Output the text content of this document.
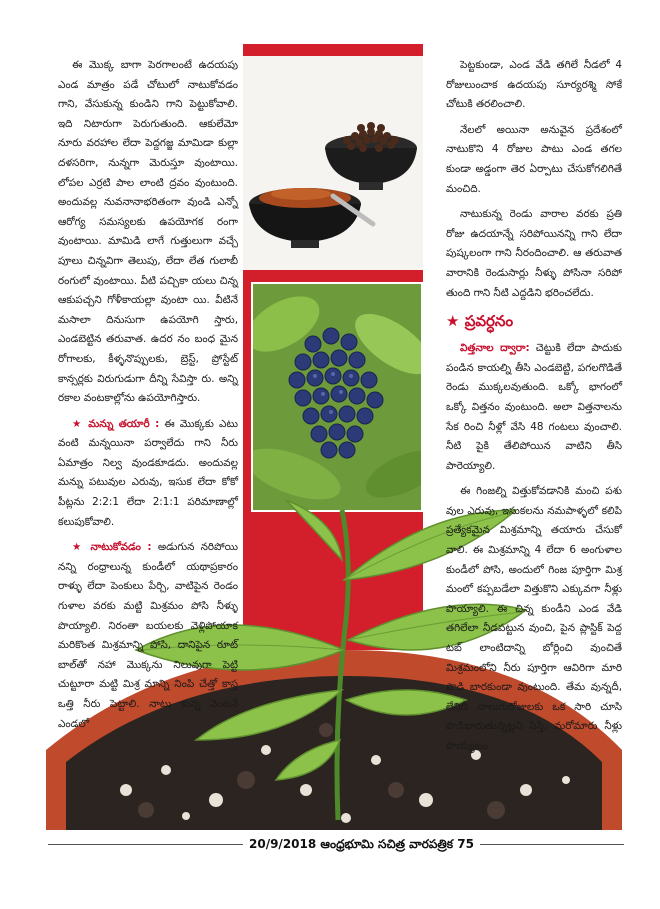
ఈ మొక్క బాగా పెరగాలంటే ఉదయపు ఎండ మాత్రం పడే చోటులో నాటుకోవడం గాని, వేసుకున్న కుండిని గాని పెట్టుకోవాలి. ఇది నిటారుగా పెరుగుతుంది. ఆకులేమో నూరు వరహాల లేదా పెద్దగజ్జ మామిడా కుల్లా దళసరిగా, నున్నగా మెరుస్తూ వుంటాయి. లోపల ఎర్రటి పాల లాంటి ద్రవం వుంటుంది. అందువల్ల నువనానాభరితంగా వుండి ఎన్నో ఆరోగ్య సమస్యలకు ఉపయోగక రంగా వుంటాయి. మామిడి లాగే గుత్తులుగా వచ్చే పూలు చిన్నవిగా తెలుపు, లేదా లేత గులాబీ రంగులో వుంటాయి. వీటి పచ్చికా యలు చిన్న ఆకుపచ్చని గోళీకాయల్లా వుంటా యి. వీటినే మసాలా దినుసుగా ఉపయోగి స్తారు, ఎండబెట్టిన తరువాత. ఉదర నం బంధ మైన రోగాలకు, కీళ్ళనొప్పులకు, బ్రెస్ట్, ప్రోస్టేట్ కాన్సర్లకు విరుగుడుగా దీన్ని సేవిస్తా రు. అన్ని రకాల వంటకాల్లోను ఉపయోగిస్తారు.

★ మన్ను తయారీ : ఈ మొక్కకు ఎటు వంటి మన్నయినా పర్వాలేదు గాని నీరు ఏమాత్రం నిల్వ వుండకూడదు. అందువల్ల మన్ను పటువుల ఎరువు, ఇసుక లేదా కోకో పీట్లను 2:2:1 లేదా 2:1:1 పరిమాణాల్లో కలుపుకోవాలి.

★ నాటుకోవడం : అడుగున నరిపోయి నన్ని రంధ్రాలున్న కుండీలో యథాప్రకారం రాళ్ళు లేదా పెంకులు పేర్చి, వాటిపైన రెండం గుళాల వరకు మట్టి మిశ్రమం పోసి నీళ్ళు పొయ్యాలి. నిరంతా బయలకు వెళ్లిపోయాక మరికొంత మిశ్రమాన్ని పోసి, దానిపైన రూట్ బాల్‌తో నహా మొక్కను నిలువుగా పెట్టి చుట్టూరా మట్టి మిశ్ర మాన్ని నింపి చేత్తో కాస్త ఒత్తి నీరు పెట్టాలి. నాటు కున్న వెంటనే ఎండలో

పెట్టకుండా, ఎండ వేడి తగిలే నీడలో 4 రోజులుంచాక ఉదయపు సూర్యరశ్మి సోకే చోటుకి తరలించాలి.

నేలలో అయినా అనువైన ప్రదేశంలో నాటుకొని 4 రోజుల పాటు ఎండ తగల కుండా అడ్డంగా తెర ఏర్పాటు చేసుకోగలిగితే మంచిది.

నాటుకున్న రెండు వారాల వరకు ప్రతి రోజు ఉదయాన్నే సరిపోయినన్ని గాని లేదా పుష్కలంగా గాని నీరందించాలి. ఆ తరువాత వారానికి రెండుసార్లు నీళ్ళు పోసినా సరిపో తుంది గాని నీటి ఎద్దడిని భరించలేదు.

★ ప్రవర్ధనం

విత్తనాల ద్వారా: చెట్టుకి లేదా పాదుకు పండిన కాయల్ని తీసి ఎండబెట్టి, పగలగొడితే రెండు ముక్కలవుతుంది. ఒక్కో భాగంలో ఒక్కో విత్తనం వుంటుంది. అలా విత్తనాలను సేక రించి నీళ్లో వేసి 48 గంటలు వుంచాలి. నీటి పైకి తేలిపోయిన వాటిని తీసి పారెయ్యాలి.

ఈ గింజల్ని విత్తుకోవడానికి మంచి పశు వుల ఎరువు, ఇసుకలను నమపాళ్ళలో కలిపి ప్రత్యేకమైన మిశ్రమాన్ని తయారు చేసుకో వాలి. ఈ మిశ్రమాన్ని 4 లేదా 6 అంగుళాల కుండీలో పోసి, అందులో గింజ పూర్తిగా మిశ్ర మంలో కప్పబడేలా విత్తుకొని ఎక్కువగా నీళ్లు పొయ్యాలి. ఈ చిన్న కుండీని ఎండ వేడి తగిలేలా నీడపట్టున వుంచి, పైన ప్లాస్టిక్ పెద్ద టబ్ లాంటిదాన్ని బోర్లించి వుంచితే మిశ్రమంలోని నీరు పూర్తిగా ఆవిరిగా మారి పొడి బారకుండా వుంటుంది. తేమ వున్నదీ, లేనిదీ నాలుగురోజులకు ఒక సారి చూసి పొడిబారుతున్నట్లని పిస్తే, మరోమారు నీళ్లు పొయ్యటం

20/9/2018 ఆంధ్రభూమి సచిత్ర వారపత్రిక 75
